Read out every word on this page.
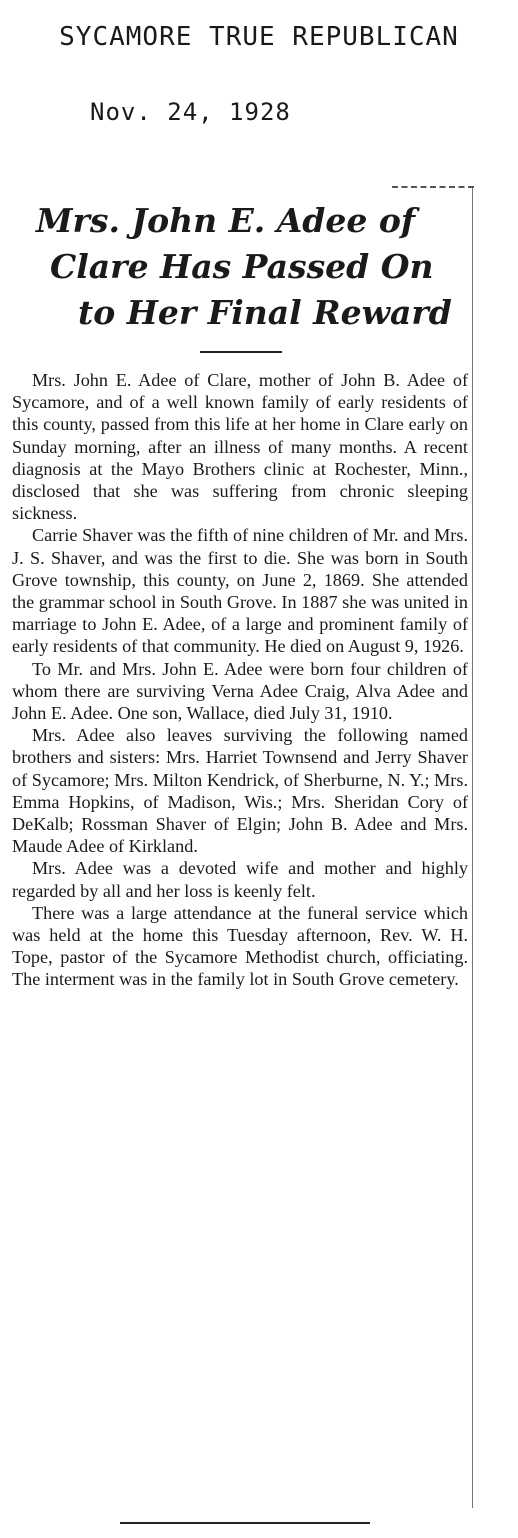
SYCAMORE TRUE REPUBLICAN
Nov. 24, 1928
Mrs. John E. Adee of
Clare Has Passed On
to Her Final Reward

Mrs. John E. Adee of Clare, mother of John B. Adee of Sycamore, and of a well known family of early residents of this county, passed from this life at her home in Clare early on Sunday morning, after an illness of many months. A recent diagnosis at the Mayo Brothers clinic at Rochester, Minn., disclosed that she was suffering from chronic sleeping sickness.

Carrie Shaver was the fifth of nine children of Mr. and Mrs. J. S. Shaver, and was the first to die. She was born in South Grove township, this county, on June 2, 1869. She attended the grammar school in South Grove. In 1887 she was united in marriage to John E. Adee, of a large and prominent family of early residents of that community. He died on August 9, 1926.

To Mr. and Mrs. John E. Adee were born four children of whom there are surviving Verna Adee Craig, Alva Adee and John E. Adee. One son, Wallace, died July 31, 1910.

Mrs. Adee also leaves surviving the following named brothers and sisters: Mrs. Harriet Townsend and Jerry Shaver of Sycamore; Mrs. Milton Kendrick, of Sherburne, N. Y.; Mrs. Emma Hopkins, of Madison, Wis.; Mrs. Sheridan Cory of DeKalb; Rossman Shaver of Elgin; John B. Adee and Mrs. Maude Adee of Kirkland.

Mrs. Adee was a devoted wife and mother and highly regarded by all and her loss is keenly felt.

There was a large attendance at the funeral service which was held at the home this Tuesday afternoon, Rev. W. H. Tope, pastor of the Sycamore Methodist church, officiating. The interment was in the family lot in South Grove cemetery.
